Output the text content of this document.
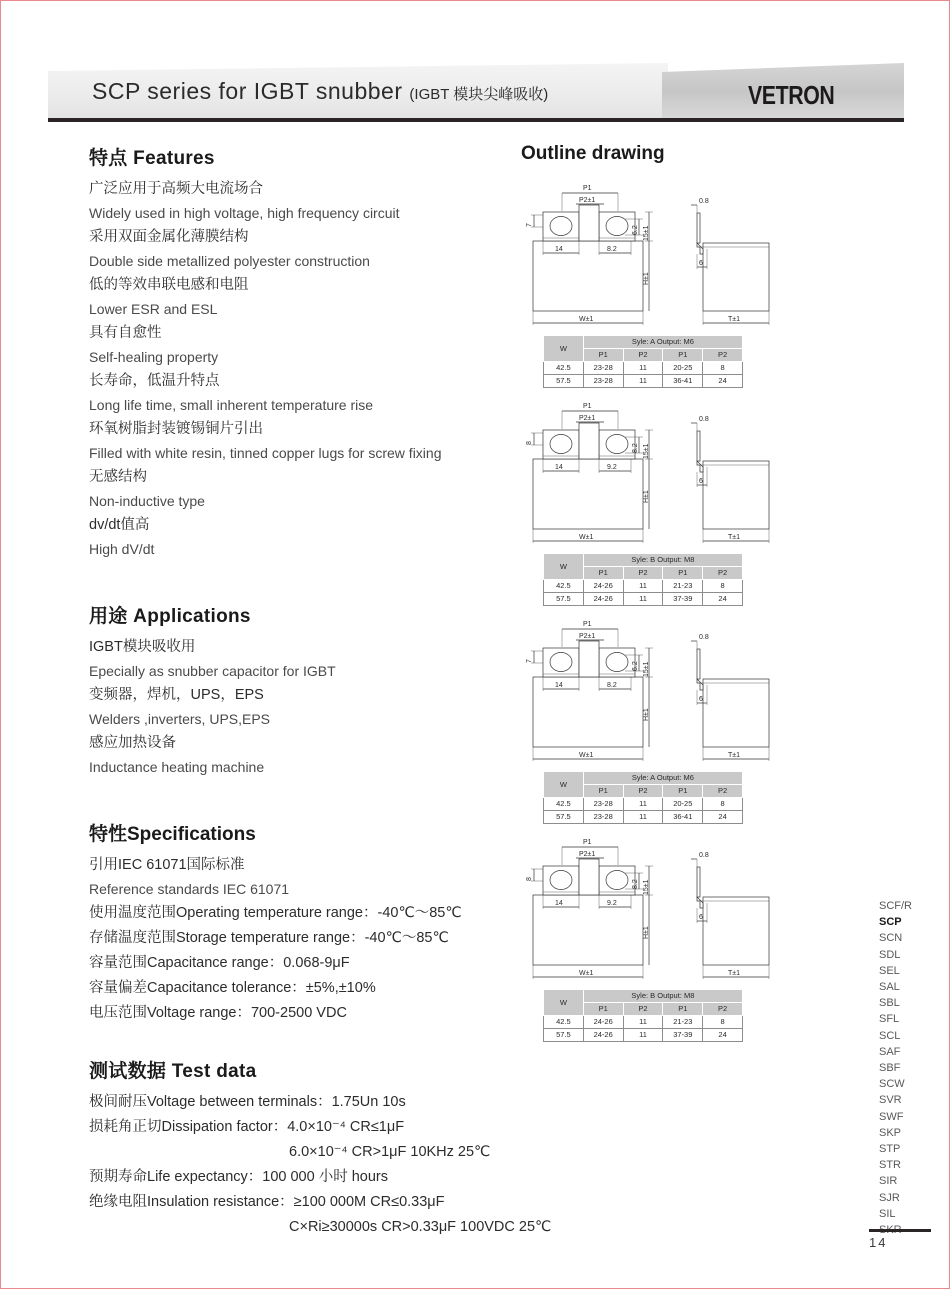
SCP series for IGBT snubber (IGBT 模块尖峰吸收)	VETRON
特点 Features
广泛应用于高频大电流场合
Widely used in high voltage, high frequency circuit
采用双面金属化薄膜结构
Double side metallized polyester construction
低的等效串联电感和电阻
Lower ESR and ESL
具有自愈性
Self-healing property
长寿命，低温升特点
Long life time, small inherent temperature rise
环氧树脂封装镀锡铜片引出
Filled with white resin, tinned copper lugs for screw fixing
无感结构
Non-inductive type
dv/dt值高
High dV/dt
用途 Applications
IGBT模块吸收用
Epecially as snubber capacitor for IGBT
变频器，焊机，UPS，EPS
Welders ,inverters, UPS,EPS
感应加热设备
Inductance heating machine
特性Specifications
引用IEC 61071国际标准
Reference standards IEC 61071
使用温度范围Operating temperature range：-40℃～85℃
存储温度范围Storage temperature range：-40℃～85℃
容量范围Capacitance range：0.068-9μF
容量偏差Capacitance tolerance：±5%,±10%
电压范围Voltage range：700-2500 VDC
测试数据 Test data
极间耐压Voltage between terminals：1.75Un 10s
损耗角正切Dissipation factor：4.0×10⁻⁴ CR≤1μF
6.0×10⁻⁴ CR>1μF 10KHz 25℃
预期寿命Life expectancy：100 000 小时 hours
绝缘电阻Insulation resistance：≥100 000M CR≤0.33μF
C×Ri≥30000s CR>0.33μF 100VDC 25℃
Outline drawing
P1
P2±1
7
6.2 15±1
14	8.2
H±1
W±1
0.8
6
T±1
W	Syle: A Output: M6			
	P1	P2	P1	P2
42.5	23-28	11	20-25	8
57.5	23-28	11	36-41	24
P1
P2±1
8
8.2 15±1
14	9.2
H±1
W±1
0.8
6
T±1
W	Syle: B Output: M8			
	P1	P2	P1	P2
42.5	24-26	11	21-23	8
57.5	24-26	11	37-39	24
P1
P2±1
7
6.2 15±1
14	8.2
H±1
W±1
0.8
6
T±1
W	Syle: A Output: M6			
	P1	P2	P1	P2
42.5	23-28	11	20-25	8
57.5	23-28	11	36-41	24
P1
P2±1
8
8.2 15±1
14	9.2
H±1
W±1
0.8
6
T±1
W	Syle: B Output: M8			
	P1	P2	P1	P2
42.5	24-26	11	21-23	8
57.5	24-26	11	37-39	24
SCF/R
SCP
SCN
SDL
SEL
SAL
SBL
SFL
SCL
SAF
SBF
SCW
SVR
SWF
SKP
STP
STR
SIR
SJR
SIL
14
